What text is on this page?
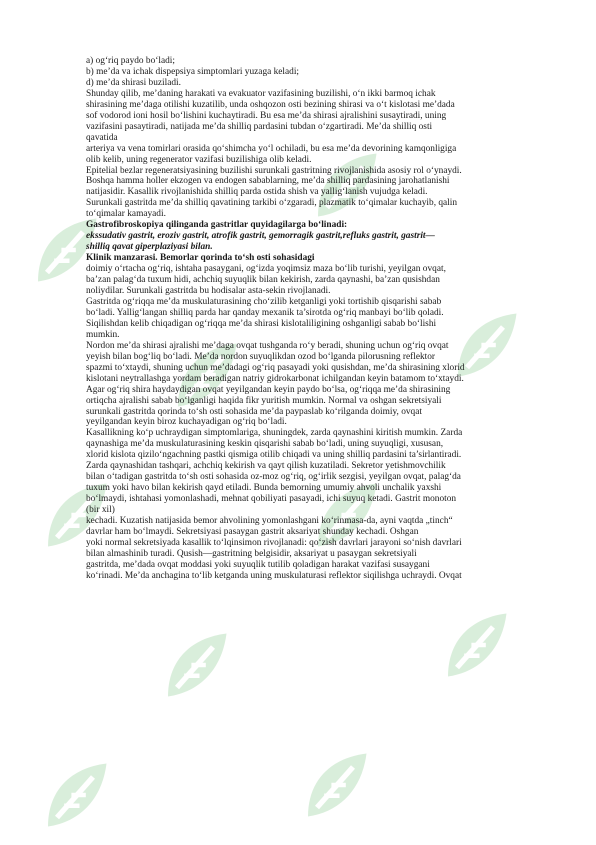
a) og‘riq paydo bo‘ladi;
b) me’da va ichak dispepsiya simptomlari yuzaga keladi;
d) me’da shirasi buziladi.
Shunday qilib, me’daning harakati va evakuator vazifasining buzilishi, o‘n ikki barmoq ichak
shirasining me’daga otilishi kuzatilib, unda oshqozon osti bezining shirasi va o‘t kislotasi me’dada
sof vodorod ioni hosil bo‘lishini kuchaytiradi. Bu esa me’da shirasi ajralishini susaytiradi, uning
vazifasini pasaytiradi, natijada me’da shilliq pardasini tubdan o‘zgartiradi. Me’da shilliq osti
qavatida
arteriya va vena tomirlari orasida qo‘shimcha yo‘l ochiladi, bu esa me’da devorining kamqonligiga
olib kelib, uning regenerator vazifasi buzilishiga olib keladi.
Epitelial bezlar regeneratsiyasining buzilishi surunkali gastritning rivojlanishida asosiy rol o‘ynaydi.
Boshqa hamma holler ekzogen va endogen sabablarning, me’da shilliq pardasining jarohatlanishi
natijasidir. Kasallik rivojlanishida shilliq parda ostida shish va yallig‘lanish vujudga keladi.
Surunkali gastritda me’da shilliq qavatining tarkibi o‘zgaradi, plazmatik to‘qimalar kuchayib, qalin
to‘qimalar kamayadi.
Gastrofibroskopiya qilinganda gastritlar quyidagilarga bo‘linadi:
ekssudativ gastrit, eroziv gastrit, atrofik gastrit, gemorragik gastrit,refluks gastrit, gastrit—
shilliq qavat giperplaziyasi bilan.
Klinik manzarasi. Bemorlar qorinda to‘sh osti sohasidagi
doimiy o‘rtacha og‘riq, ishtaha pasaygani, og‘izda yoqimsiz maza bo‘lib turishi, yeyilgan ovqat,
ba’zan palag‘da tuxum hidi, achchiq suyuqlik bilan kekirish, zarda qaynashi, ba’zan qusishdan
noliydilar. Surunkali gastritda bu hodisalar asta-sekin rivojlanadi.
Gastritda og‘riqqa me’da muskulaturasining cho‘zilib ketganligi yoki tortishib qisqarishi sabab
bo‘ladi. Yallig‘langan shilliq parda har qanday mexanik ta’sirotda og‘riq manbayi bo‘lib qoladi.
Siqilishdan kelib chiqadigan og‘riqqa me’da shirasi kislotaliligining oshganligi sabab bo‘lishi
mumkin.
Nordon me’da shirasi ajralishi me’daga ovqat tushganda ro‘y beradi, shuning uchun og‘riq ovqat
yeyish bilan bog‘liq bo‘ladi. Me’da nordon suyuqlikdan ozod bo‘lganda pilorusning reflektor
spazmi to‘xtaydi, shuning uchun me’dadagi og‘riq pasayadi yoki qusishdan, me’da shirasining xlorid
kislotani neytrallashga yordam beradigan natriy gidrokarbonat ichilgandan keyin batamom to‘xtaydi.
Agar og‘riq shira haydaydigan ovqat yeyilgandan keyin paydo bo‘lsa, og‘riqqa me’da shirasining
ortiqcha ajralishi sabab bo‘lganligi haqida fikr yuritish mumkin. Normal va oshgan sekretsiyali
surunkali gastritda qorinda to‘sh osti sohasida me’da paypaslab ko‘rilganda doimiy, ovqat
yeyilgandan keyin biroz kuchayadigan og‘riq bo‘ladi.
Kasallikning ko‘p uchraydigan simptomlariga, shuningdek, zarda qaynashini kiritish mumkin. Zarda
qaynashiga me’da muskulaturasining keskin qisqarishi sabab bo‘ladi, uning suyuqligi, xususan,
xlorid kislota qizilo‘ngachning pastki qismiga otilib chiqadi va uning shilliq pardasini ta’sirlantiradi.
Zarda qaynashidan tashqari, achchiq kekirish va qayt qilish kuzatiladi. Sekretor yetishmovchilik
bilan o‘tadigan gastritda to‘sh osti sohasida oz-moz og‘riq, og‘irlik sezgisi, yeyilgan ovqat, palag‘da
tuxum yoki havo bilan kekirish qayd etiladi. Bunda bemorning umumiy ahvoli unchalik yaxshi
bo‘lmaydi, ishtahasi yomonlashadi, mehnat qobiliyati pasayadi, ichi suyuq ketadi. Gastrit monoton
(bir xil)
kechadi. Kuzatish natijasida bemor ahvolining yomonlashgani ko‘rinmasa-da, ayni vaqtda „tinch“
davrlar ham bo‘lmaydi. Sekretsiyasi pasaygan gastrit aksariyat shunday kechadi. Oshgan
yoki normal sekretsiyada kasallik to‘lqinsimon rivojlanadi: qo‘zish davrlari jarayoni so‘nish davrlari
bilan almashinib turadi. Qusish—gastritning belgisidir, aksariyat u pasaygan sekretsiyali
gastritda, me’dada ovqat moddasi yoki suyuqlik tutilib qoladigan harakat vazifasi susaygani
ko‘rinadi. Me’da anchagina to‘lib ketganda uning muskulaturasi reflektor siqilishga uchraydi. Ovqat
